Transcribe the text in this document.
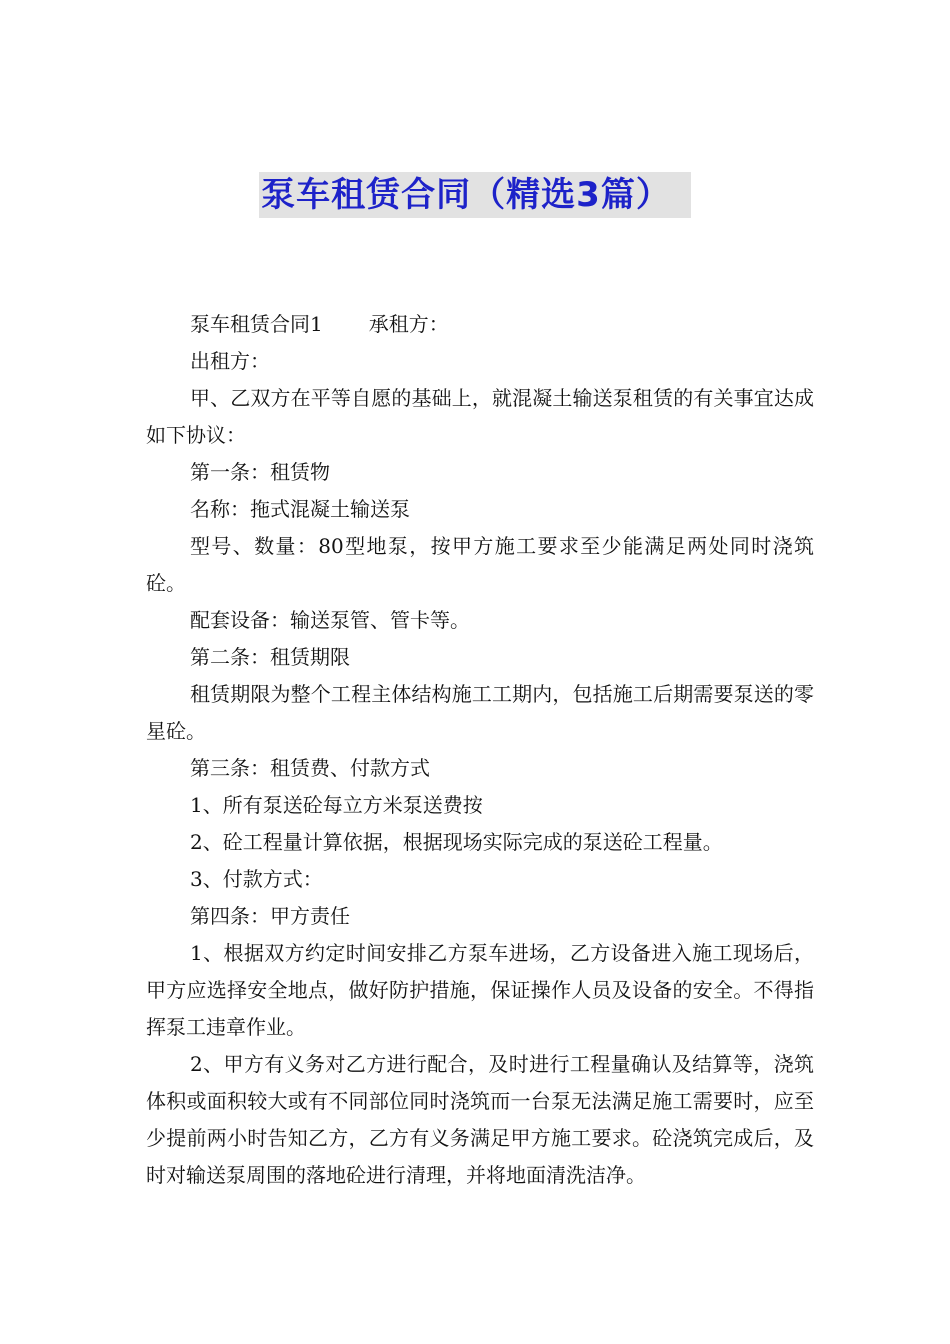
泵车租赁合同（精选3篇）

泵车租赁合同1 承租方：

出租方：

甲、乙双方在平等自愿的基础上，就混凝土输送泵租赁的有关事宜达成如下协议：

第一条：租赁物

名称：拖式混凝土输送泵

型号、数量：80型地泵，按甲方施工要求至少能满足两处同时浇筑砼。

配套设备：输送泵管、管卡等。

第二条：租赁期限

租赁期限为整个工程主体结构施工工期内，包括施工后期需要泵送的零星砼。

第三条：租赁费、付款方式

1、所有泵送砼每立方米泵送费按

2、砼工程量计算依据，根据现场实际完成的泵送砼工程量。

3、付款方式：

第四条：甲方责任

1、根据双方约定时间安排乙方泵车进场，乙方设备进入施工现场后，甲方应选择安全地点，做好防护措施，保证操作人员及设备的安全。不得指挥泵工违章作业。

2、甲方有义务对乙方进行配合，及时进行工程量确认及结算等，浇筑体积或面积较大或有不同部位同时浇筑而一台泵无法满足施工需要时，应至少提前两小时告知乙方，乙方有义务满足甲方施工要求。砼浇筑完成后，及时对输送泵周围的落地砼进行清理，并将地面清洗洁净。
